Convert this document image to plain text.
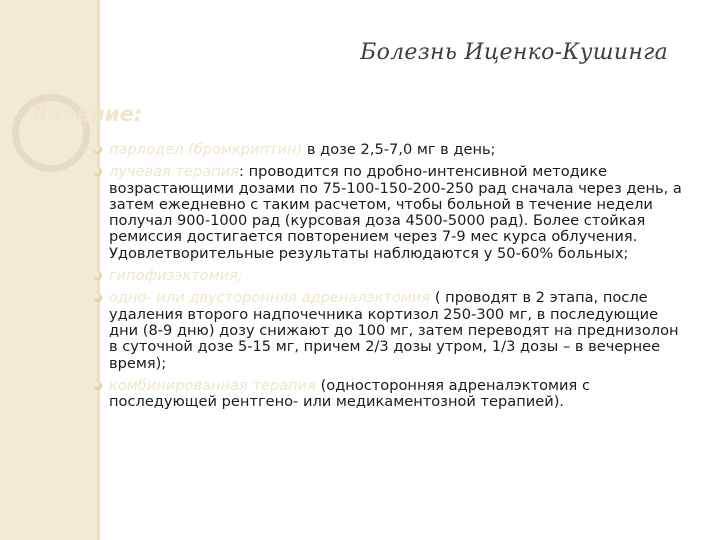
Болезнь Иценко-Кушинга
Лечение:
парлодел (бромкриптин) в дозе 2,5-7,0 мг в день;
лучевая терапия: проводится по дробно-интенсивной методике возрастающими дозами по 75-100-150-200-250 рад сначала через день, а затем ежедневно с таким расчетом, чтобы больной в течение недели получал 900-1000 рад (курсовая доза 4500-5000 рад). Более стойкая ремиссия достигается повторением через 7-9 мес курса облучения. Удовлетворительные результаты наблюдаются у 50-60% больных;
гипофизэктомия;
одно- или двусторонняя адреналэктомия ( проводят в 2 этапа, после удаления второго надпочечника кортизол 250-300 мг, в последующие дни (8-9 дню) дозу снижают до 100 мг, затем переводят на преднизолон в суточной дозе 5-15 мг, причем 2/3 дозы утром, 1/3 дозы – в вечернее время);
комбинированная терапия (односторонняя адреналэктомия с последующей рентгено- или медикаментозной терапией).
